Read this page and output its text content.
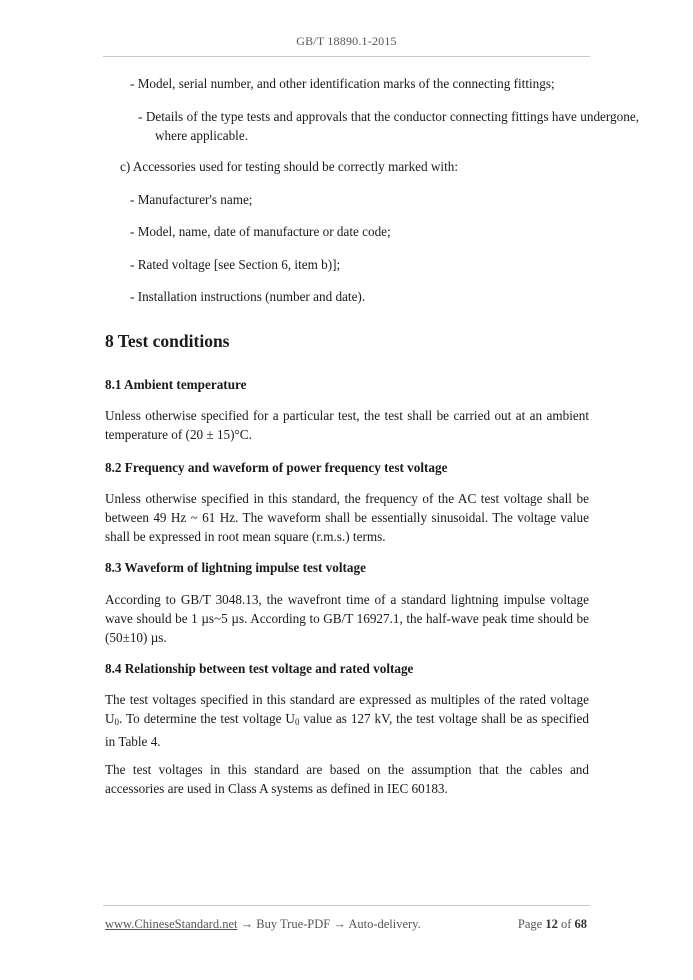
GB/T 18890.1-2015

- Model, serial number, and other identification marks of the connecting fittings;

- Details of the type tests and approvals that the conductor connecting fittings have undergone, where applicable.

c) Accessories used for testing should be correctly marked with:

- Manufacturer's name;

- Model, name, date of manufacture or date code;

- Rated voltage [see Section 6, item b)];

- Installation instructions (number and date).

8 Test conditions

8.1 Ambient temperature

Unless otherwise specified for a particular test, the test shall be carried out at an ambient temperature of (20 ± 15)°C.

8.2 Frequency and waveform of power frequency test voltage

Unless otherwise specified in this standard, the frequency of the AC test voltage shall be between 49 Hz ~ 61 Hz. The waveform shall be essentially sinusoidal. The voltage value shall be expressed in root mean square (r.m.s.) terms.

8.3 Waveform of lightning impulse test voltage

According to GB/T 3048.13, the wavefront time of a standard lightning impulse voltage wave should be 1 µs~5 µs. According to GB/T 16927.1, the half-wave peak time should be (50±10) µs.

8.4 Relationship between test voltage and rated voltage

The test voltages specified in this standard are expressed as multiples of the rated voltage U0. To determine the test voltage U0 value as 127 kV, the test voltage shall be as specified in Table 4.

The test voltages in this standard are based on the assumption that the cables and accessories are used in Class A systems as defined in IEC 60183.

www.ChineseStandard.net → Buy True-PDF → Auto-delivery.	Page 12 of 68
